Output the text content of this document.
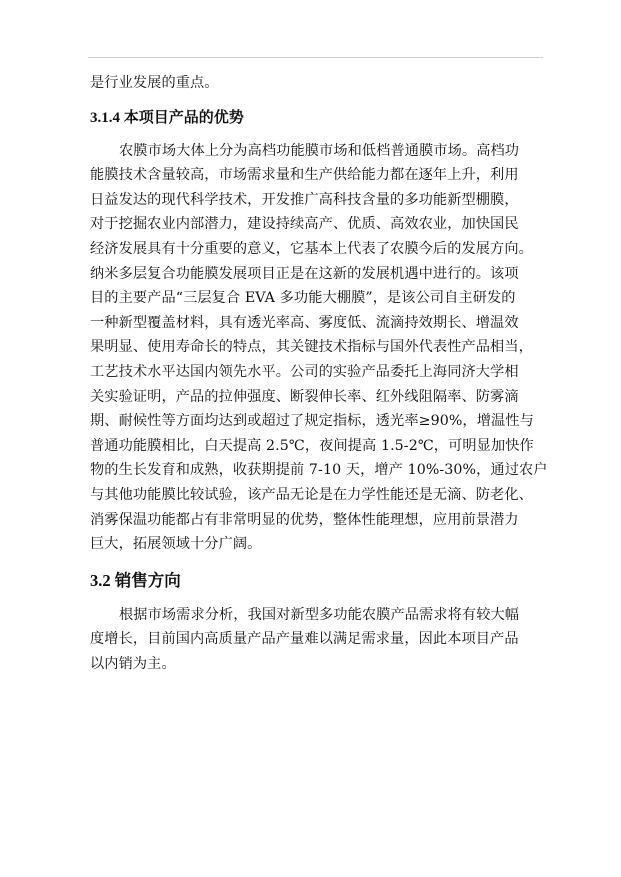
是行业发展的重点。
3.1.4 本项目产品的优势
农膜市场大体上分为高档功能膜市场和低档普通膜市场。高档功
能膜技术含量较高，市场需求量和生产供给能力都在逐年上升，利用
日益发达的现代科学技术，开发推广高科技含量的多功能新型棚膜，
对于挖掘农业内部潜力，建设持续高产、优质、高效农业，加快国民
经济发展具有十分重要的意义，它基本上代表了农膜今后的发展方向。
纳米多层复合功能膜发展项目正是在这新的发展机遇中进行的。该项
目的主要产品“三层复合 EVA 多功能大棚膜”，是该公司自主研发的
一种新型覆盖材料，具有透光率高、雾度低、流滴持效期长、增温效
果明显、使用寿命长的特点，其关键技术指标与国外代表性产品相当，
工艺技术水平达国内领先水平。公司的实验产品委托上海同济大学相
关实验证明，产品的拉伸强度、断裂伸长率、红外线阻隔率、防雾滴
期、耐候性等方面均达到或超过了规定指标，透光率≥90%，增温性与
普通功能膜相比，白天提高 2.5℃，夜间提高 1.5-2℃，可明显加快作
物的生长发育和成熟，收获期提前 7-10 天，增产 10%-30%，通过农户
与其他功能膜比较试验，该产品无论是在力学性能还是无滴、防老化、
消雾保温功能都占有非常明显的优势，整体性能理想，应用前景潜力
巨大，拓展领域十分广阔。
3.2 销售方向
根据市场需求分析，我国对新型多功能农膜产品需求将有较大幅
度增长，目前国内高质量产品产量难以满足需求量，因此本项目产品
以内销为主。
